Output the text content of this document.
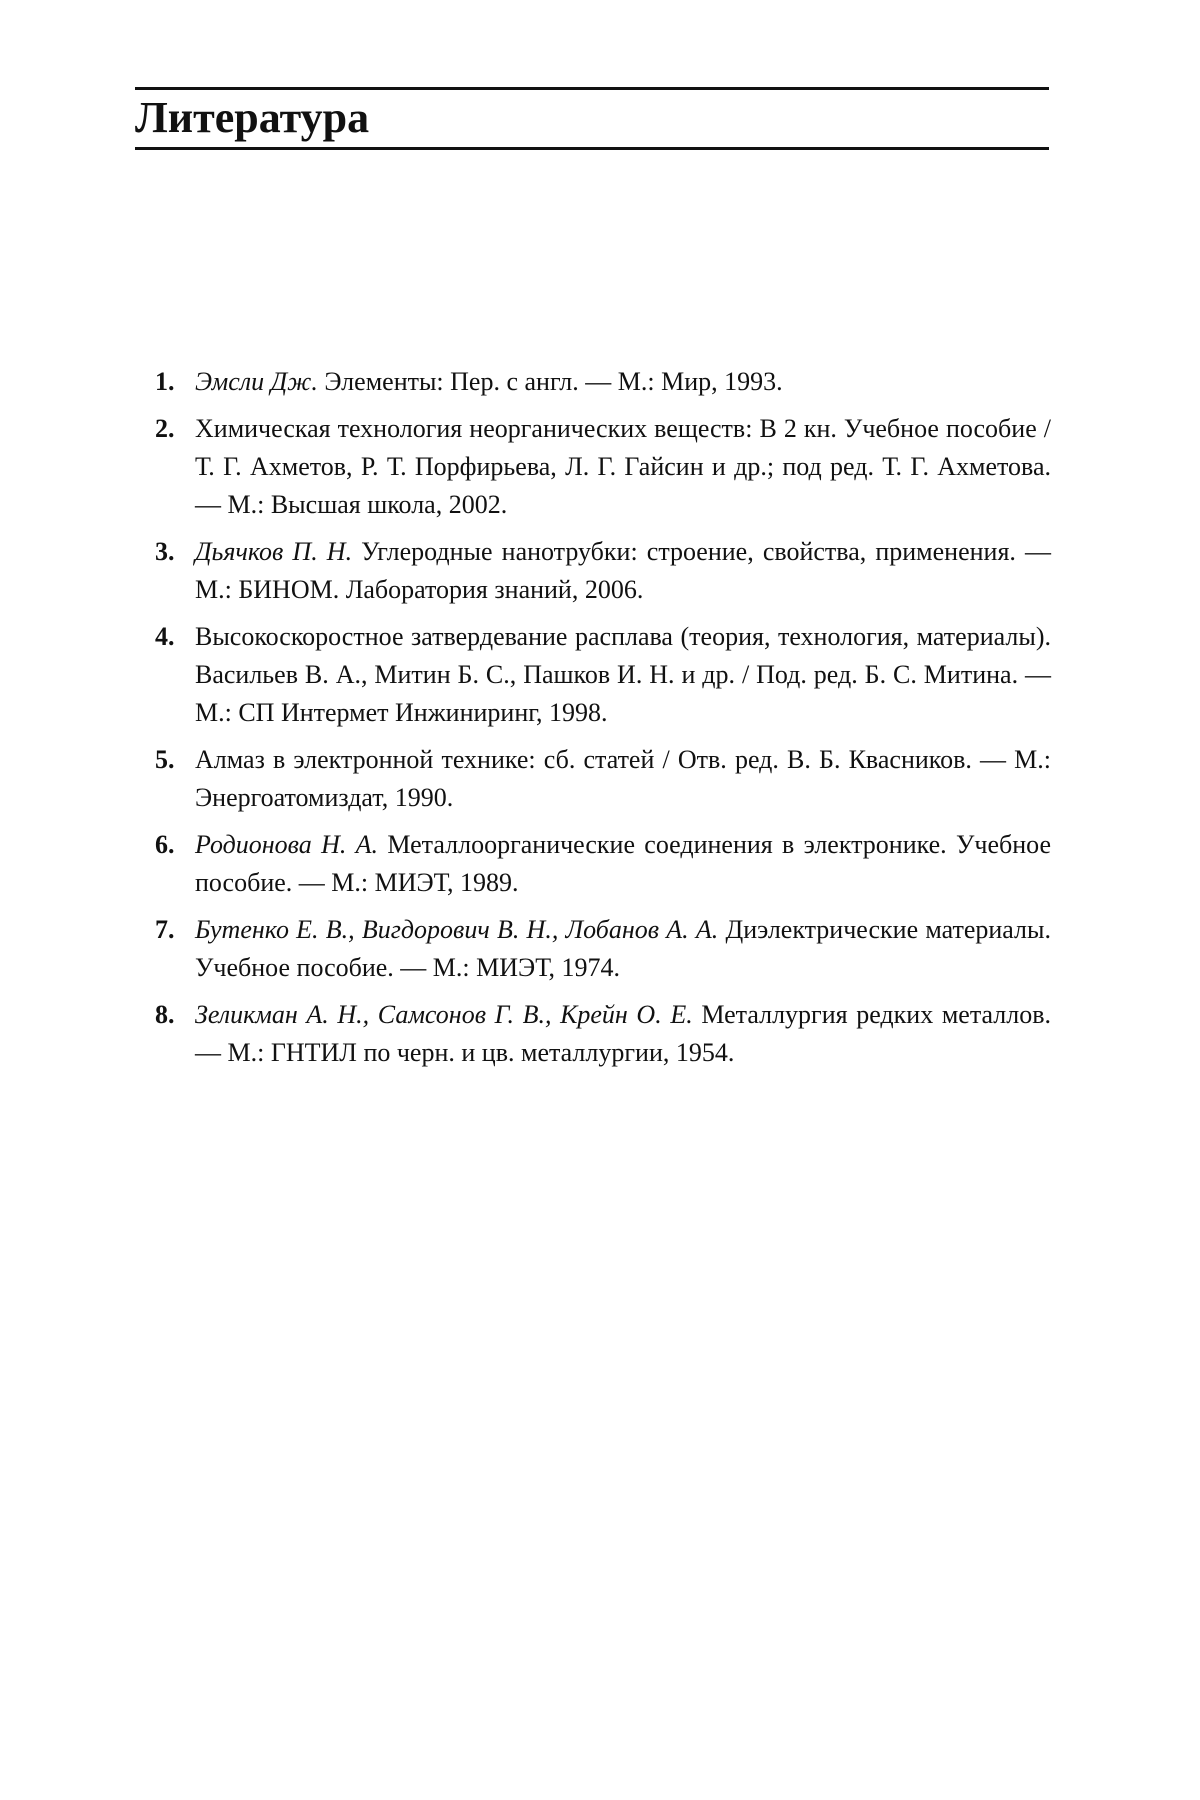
Литература
1. Эмсли Дж. Элементы: Пер. с англ. — М.: Мир, 1993.
2. Химическая технология неорганических веществ: В 2 кн. Учебное пособие /Т. Г. Ахметов, Р. Т. Порфирьева, Л. Г. Гайсин и др.; под ред. Т. Г. Ахметова. — М.: Высшая школа, 2002.
3. Дьячков П. Н. Углеродные нанотрубки: строение, свойства, применения. — М.: БИНОМ. Лаборатория знаний, 2006.
4. Высокоскоростное затвердевание расплава (теория, технология, материалы). Васильев В. А., Митин Б. С., Пашков И. Н. и др. / Под. ред. Б. С. Митина. — М.: СП Интермет Инжиниринг, 1998.
5. Алмаз в электронной технике: сб. статей / Отв. ред. В. Б. Квасников. — М.: Энергоатомиздат, 1990.
6. Родионова Н. А. Металлоорганические соединения в электронике. Учебное пособие. — М.: МИЭТ, 1989.
7. Бутенко Е. В., Вигдорович В. Н., Лобанов А. А. Диэлектрические материалы. Учебное пособие. — М.: МИЭТ, 1974.
8. Зеликман А. Н., Самсонов Г. В., Крейн О. Е. Металлургия редких металлов. — М.: ГНТИЛ по черн. и цв. металлургии, 1954.
